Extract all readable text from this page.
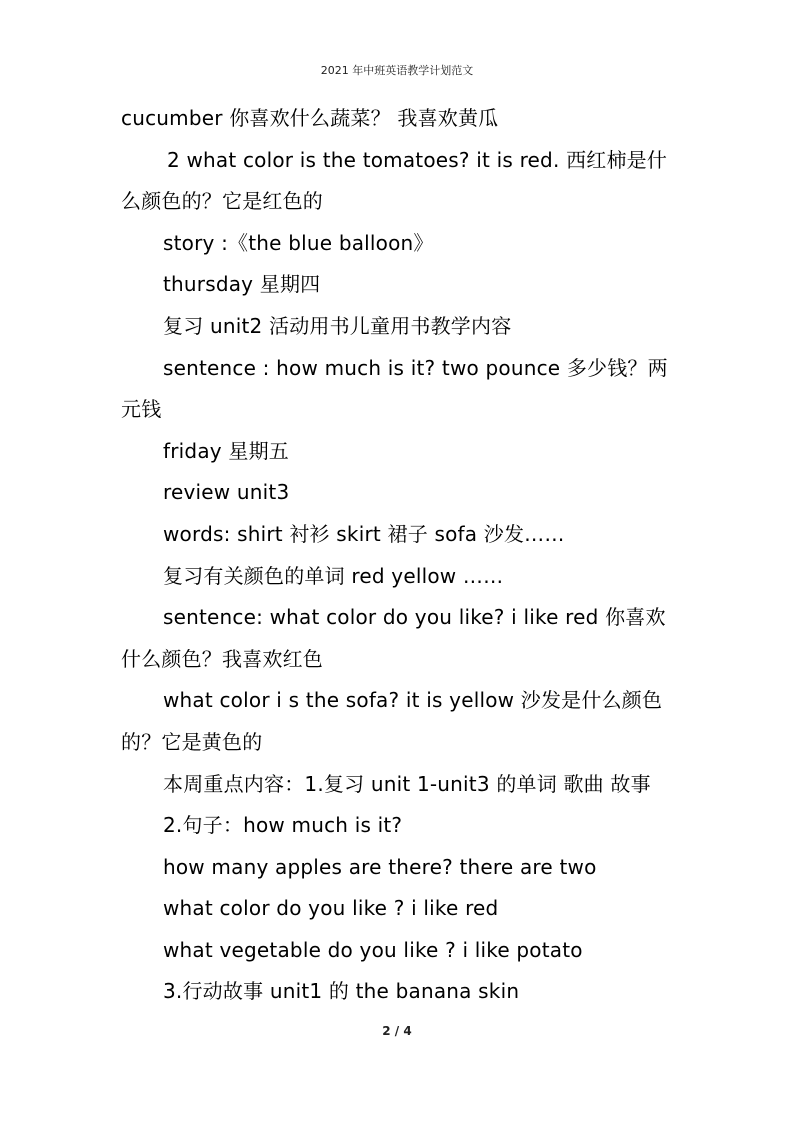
2021 年中班英语教学计划范文

cucumber 你喜欢什么蔬菜？ 我喜欢黄瓜

2 what color is the tomatoes? it is red. 西红柿是什么颜色的？它是红色的

story :《the blue balloon》

thursday 星期四

复习 unit2 活动用书儿童用书教学内容

sentence : how much is it? two pounce 多少钱？两元钱

friday 星期五

review unit3

words: shirt 衬衫 skirt 裙子 sofa 沙发……

复习有关颜色的单词 red yellow ……

sentence: what color do you like? i like red 你喜欢什么颜色？我喜欢红色

what color i s the sofa? it is yellow 沙发是什么颜色的？它是黄色的

本周重点内容：1.复习 unit 1-unit3 的单词 歌曲 故事

2.句子：how much is it?

how many apples are there? there are two

what color do you like ? i like red

what vegetable do you like ? i like potato

3.行动故事 unit1 的 the banana skin

2 / 4
